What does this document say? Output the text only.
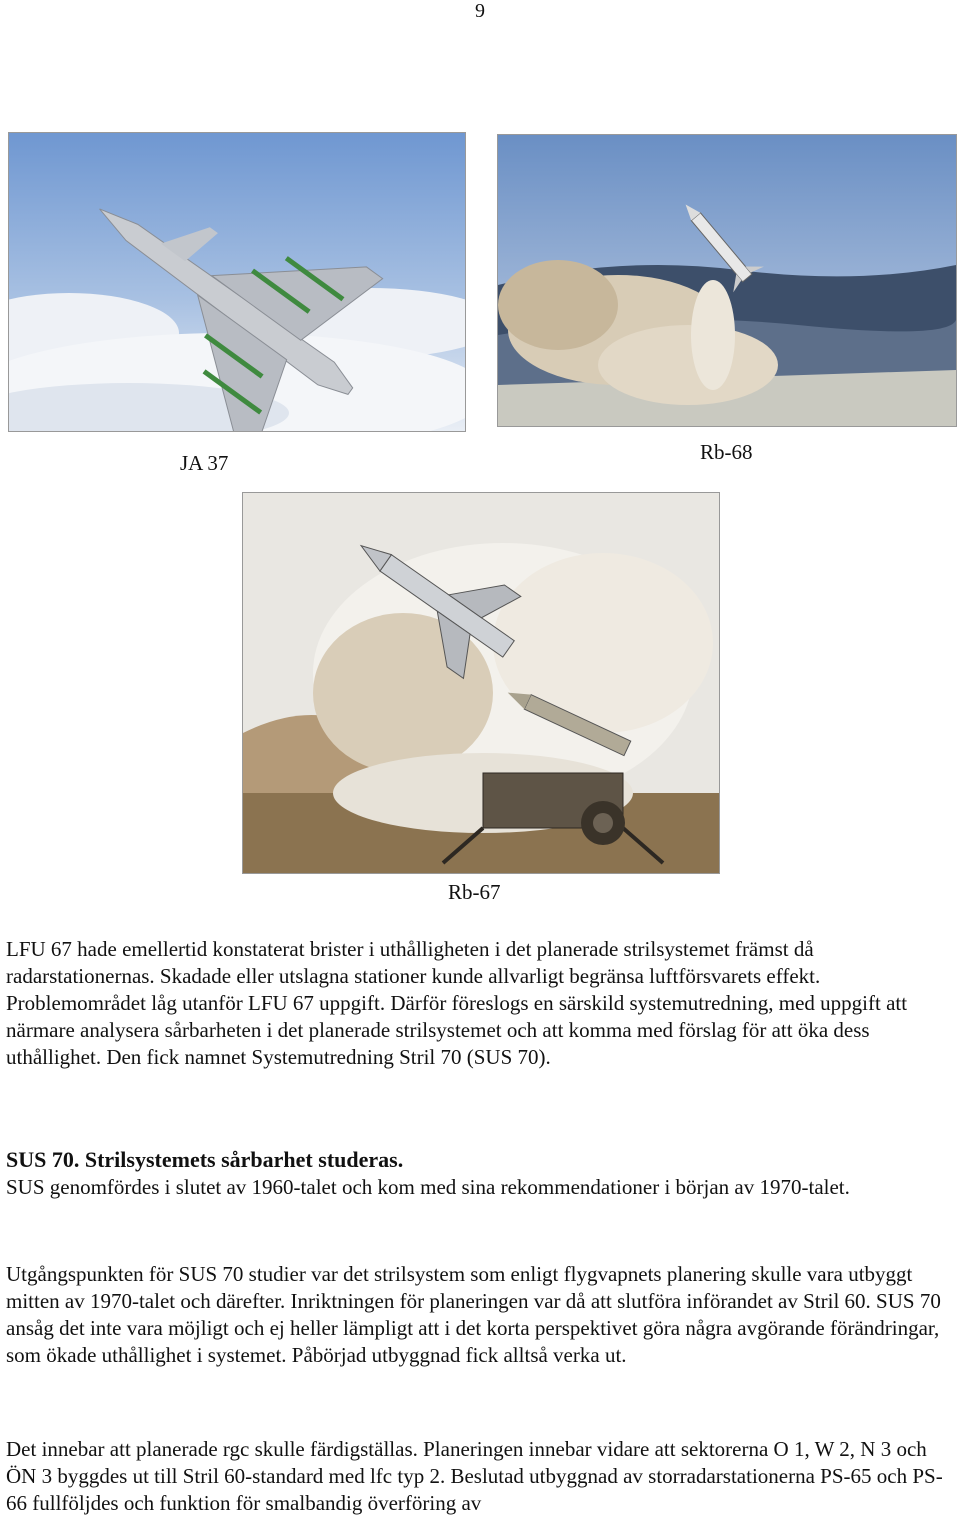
9
JA 37	Rb-68
Rb-67

LFU 67 hade emellertid konstaterat brister i uthålligheten i det planerade strilsystemet främst då radarstationernas. Skadade eller utslagna stationer kunde allvarligt begränsa luftförsvarets effekt. Problemområdet låg utanför LFU 67 uppgift. Därför föreslogs en särskild systemutredning, med uppgift att närmare analysera sårbarheten i det planerade strilsystemet och att komma med förslag för att öka dess uthållighet. Den fick namnet Systemutredning Stril 70 (SUS 70).

SUS 70. Strilsystemets sårbarhet studeras.

SUS genomfördes i slutet av 1960-talet och kom med sina rekommendationer i början av 1970-talet.

Utgångspunkten för SUS 70 studier var det strilsystem som enligt flygvapnets planering skulle vara utbyggt mitten av 1970-talet och därefter. Inriktningen för planeringen var då att slutföra införandet av Stril 60. SUS 70 ansåg det inte vara möjligt och ej heller lämpligt att i det korta perspektivet göra några avgörande förändringar, som ökade uthållighet i systemet. Påbörjad utbyggnad fick alltså verka ut.

Det innebar att planerade rgc skulle färdigställas. Planeringen innebar vidare att sektorerna O 1, W 2, N 3 och ÖN 3 byggdes ut till Stril 60-standard med lfc typ 2. Beslutad utbyggnad av storradarstationerna PS-65 och PS-66 fullföljdes och funktion för smalbandig överföring av
